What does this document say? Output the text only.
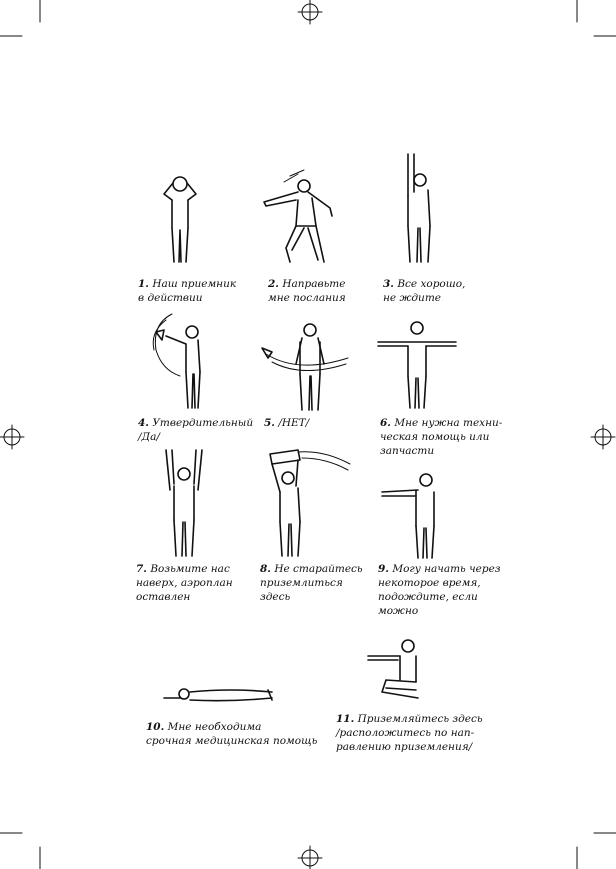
1. Наш приемник
в действии
2. Направьте
мне послания
3. Все хорошо,
не ждите
4. Утвердительный
/Да/
5. /НЕТ/	6. Мне нужна техни-
ческая помощь или
запчасти
7. Возьмите нас
наверх, аэроплан
оставлен
8. Не старайтесь
приземлиться
здесь
9. Могу начать через
некоторое время,
подождите, если
можно
10. Мне необходима
срочная медицинская помощь
11. Приземляйтесь здесь
/расположитесь по нап-
равлению приземления/
